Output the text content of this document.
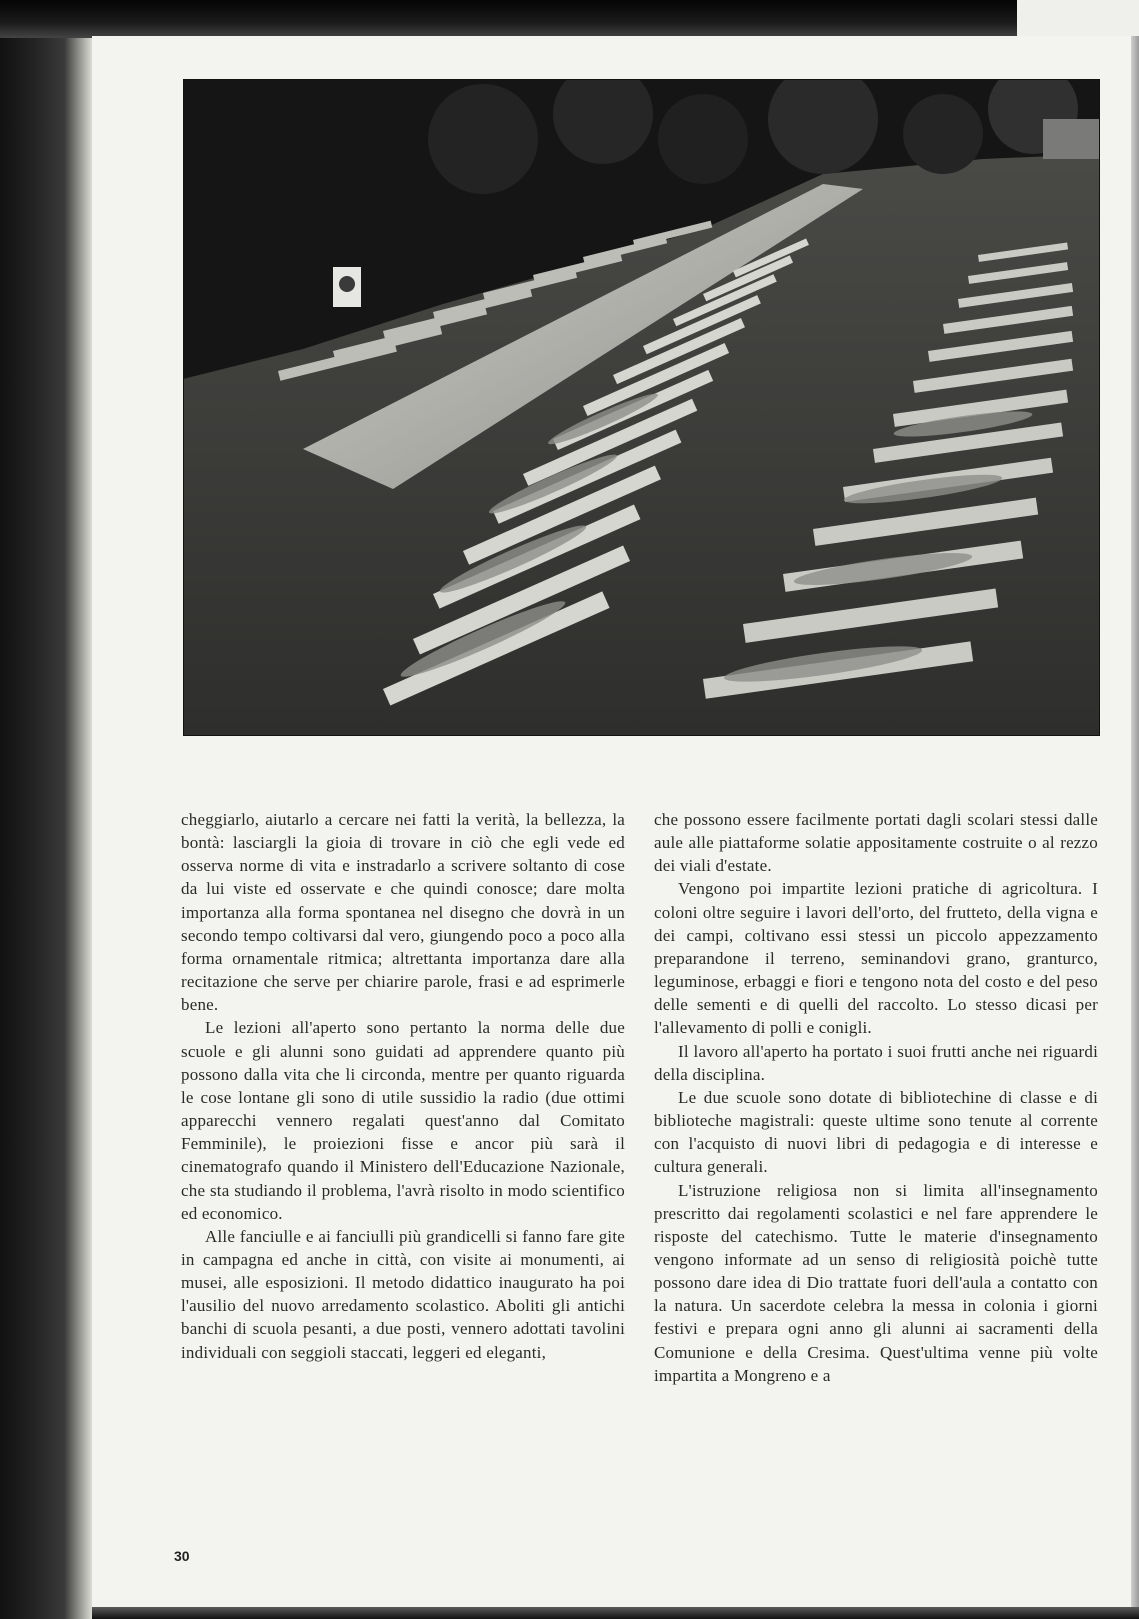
cheggiarlo, aiutarlo a cercare nei fatti la verità, la bellezza, la bontà: lasciargli la gioia di trovare in ciò che egli vede ed osserva norme di vita e instradarlo a scrivere soltanto di cose da lui viste ed osservate e che quindi conosce; dare molta importanza alla forma spontanea nel disegno che dovrà in un secondo tempo coltivarsi dal vero, giungendo poco a poco alla forma ornamentale ritmica; altrettanta importanza dare alla recitazione che serve per chiarire parole, frasi e ad esprimerle bene.

Le lezioni all'aperto sono pertanto la norma delle due scuole e gli alunni sono guidati ad apprendere quanto più possono dalla vita che li circonda, mentre per quanto riguarda le cose lontane gli sono di utile sussidio la radio (due ottimi apparecchi vennero regalati quest'anno dal Comitato Femminile), le proiezioni fisse e ancor più sarà il cinematografo quando il Ministero dell'Educazione Nazionale, che sta studiando il problema, l'avrà risolto in modo scientifico ed economico.

Alle fanciulle e ai fanciulli più grandicelli si fanno fare gite in campagna ed anche in città, con visite ai monumenti, ai musei, alle esposizioni. Il metodo didattico inaugurato ha poi l'ausilio del nuovo arredamento scolastico. Aboliti gli antichi banchi di scuola pesanti, a due posti, vennero adottati tavolini individuali con seggioli staccati, leggeri ed eleganti,

che possono essere facilmente portati dagli scolari stessi dalle aule alle piattaforme solatie appositamente costruite o al rezzo dei viali d'estate.

Vengono poi impartite lezioni pratiche di agricoltura. I coloni oltre seguire i lavori dell'orto, del frutteto, della vigna e dei campi, coltivano essi stessi un piccolo appezzamento preparandone il terreno, seminandovi grano, granturco, leguminose, erbaggi e fiori e tengono nota del costo e del peso delle sementi e di quelli del raccolto. Lo stesso dicasi per l'allevamento di polli e conigli.

Il lavoro all'aperto ha portato i suoi frutti anche nei riguardi della disciplina.

Le due scuole sono dotate di bibliotechine di classe e di biblioteche magistrali: queste ultime sono tenute al corrente con l'acquisto di nuovi libri di pedagogia e di interesse e cultura generali.

L'istruzione religiosa non si limita all'insegnamento prescritto dai regolamenti scolastici e nel fare apprendere le risposte del catechismo. Tutte le materie d'insegnamento vengono informate ad un senso di religiosità poichè tutte possono dare idea di Dio trattate fuori dell'aula a contatto con la natura. Un sacerdote celebra la messa in colonia i giorni festivi e prepara ogni anno gli alunni ai sacramenti della Comunione e della Cresima. Quest'ultima venne più volte impartita a Mongreno e a

30
